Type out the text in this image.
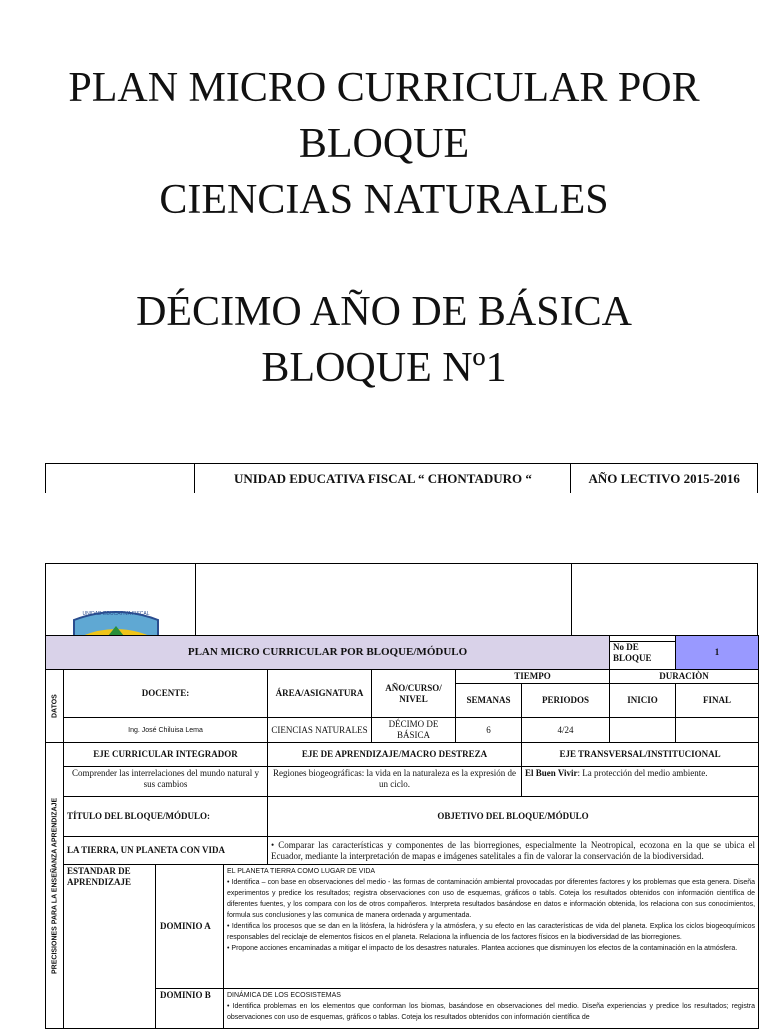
PLAN MICRO CURRICULAR POR
BLOQUE
CIENCIAS NATURALES
DÉCIMO AÑO DE BÁSICA
BLOQUE Nº1
	UNIDAD EDUCATIVA FISCAL “ CHONTADURO “	AÑO LECTIVO 2015-2016
UNIDAD EDUCATIVA FISCAL

PLAN MICRO CURRICULAR POR BLOQUE/MÓDULO								No DE BLOQUE	1
DATOS	DOCENTE:			ÁREA/ASIGNATURA	AÑO/CURSO/ NIVEL	TIEMPO		DURACIÒN	
						SEMANAS	PERIODOS	INICIO	FINAL
	Ing. José Chiluisa Lema			CIENCIAS NATURALES	DÉCIMO DE BÁSICA	6	4/24		
PRECISIONES PARA LA ENSEÑANZA APRENDIZAJE	EJE CURRICULAR INTEGRADOR			EJE DE APRENDIZAJE/MACRO DESTREZA			EJE TRANSVERSAL/INSTITUCIONAL		
	Comprender las interrelaciones del mundo natural y sus cambios			Regiones biogeográficas: la vida en la naturaleza es la expresión de un ciclo.			El Buen Vivir: La protección del medio ambiente.		
	TÍTULO DEL BLOQUE/MÓDULO:			OBJETIVO DEL BLOQUE/MÓDULO					
	LA TIERRA, UN PLANETA CON VIDA			• Comparar las características y componentes de las biorregiones, especialmente la Neotropical, ecozona en la que se ubica el Ecuador, mediante la interpretación de mapas e imágenes satelitales a fin de valorar la conservación de la biodiversidad.					
	ESTANDAR DE APRENDIZAJE	DOMINIO A	EL PLANETA TIERRA COMO LUGAR DE VIDA
• Identifica – con base en observaciones del medio - las formas de contaminación ambiental provocadas por diferentes factores y los problemas que esta genera. Diseña experimentos y predice los resultados; registra observaciones con uso de esquemas, gráficos o tabls. Coteja los resultados obtenidos con información científica de diferentes fuentes, y los compara con los de otros compañeros. Interpreta resultados basándose en datos e información obtenida, los relaciona con sus conocimientos, formula sus conclusiones y las comunica de manera ordenada y argumentada.
• Identifica los procesos que se dan en la litósfera, la hidrósfera y la atmósfera, y su efecto en las características de vida del planeta. Explica los ciclos biogeoquímicos responsables del reciclaje de elementos físicos en el planeta. Relaciona la influencia de los factores físicos en la biodiversidad de las biorregiones.
• Propone acciones encaminadas a mitigar el impacto de los desastres naturales. Plantea acciones que disminuyen los efectos de la contaminación en la atmósfera.						

		DOMINIO B	DINÁMICA DE LOS ECOSISTEMAS
• Identifica problemas en los elementos que conforman los biomas, basándose en observaciones del medio. Diseña experiencias y predice los resultados; registra observaciones con uso de esquemas, gráficos o tablas. Coteja los resultados obtenidos con información científica de						
